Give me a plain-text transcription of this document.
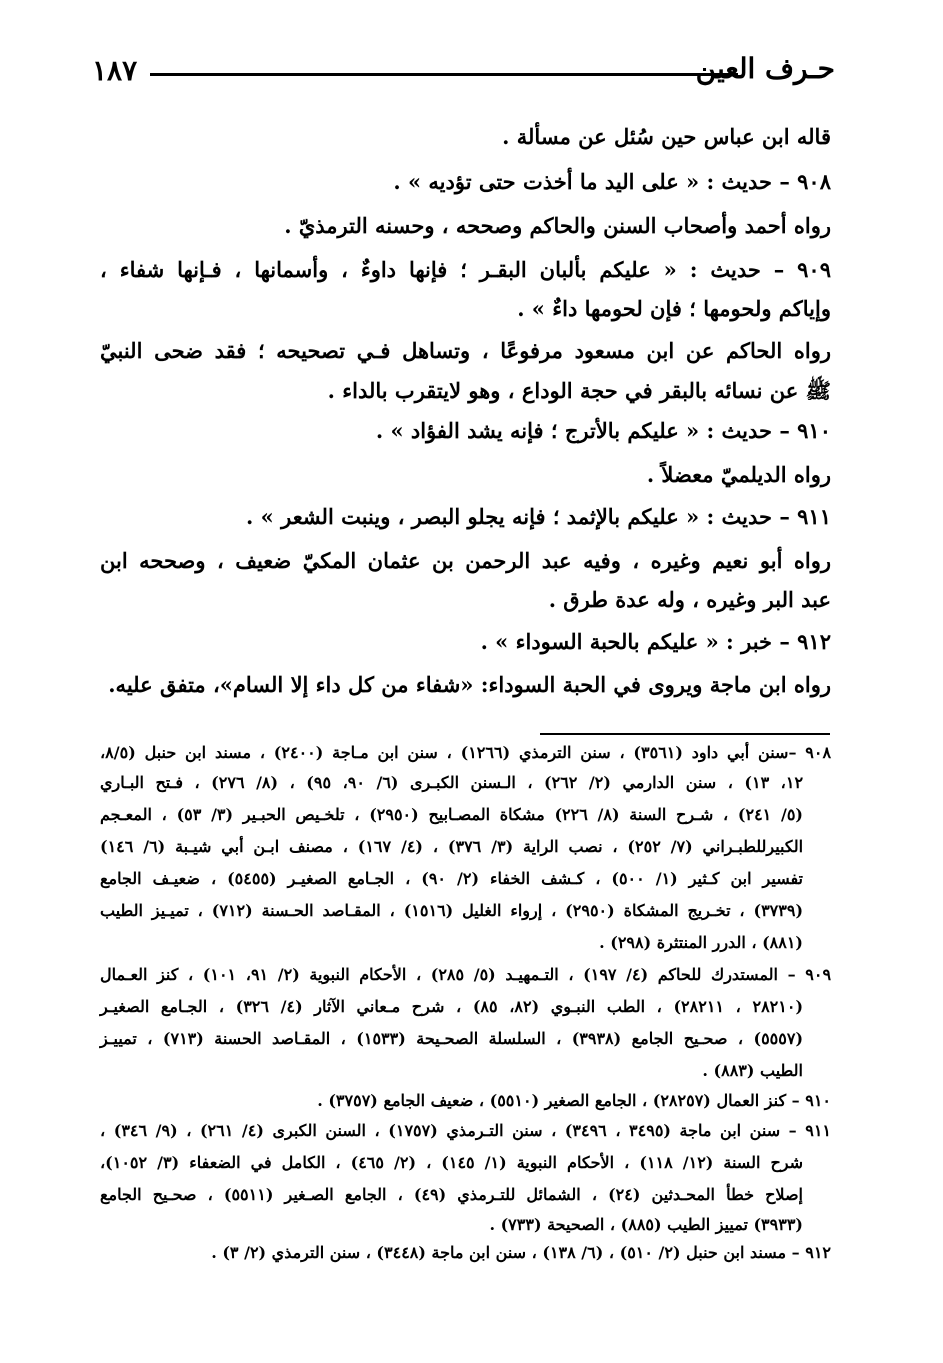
١٨٧	حـرف العين
قاله ابن عباس حين سُئل عن مسألة .
٩٠٨ – حديث : « على اليد ما أخذت حتى تؤديه » .
رواه أحمد وأصحاب السنن والحاكم وصححه ، وحسنه الترمذيّ .
٩٠٩ – حديث : « عليكم بألبان البقـر ؛ فإنها داوءٌ ، وأسمانها ، فـإنها شفاء ،
وإياكم ولحومها ؛ فإن لحومها داءٌ » .
رواه الحاكم عن ابن مسعود مرفوعًا ، وتساهل فـي تصحيحه ؛ فقد ضحى النبيّ
ﷺ عن نسائه بالبقر في حجة الوداع ، وهو لايتقرب بالداء .
٩١٠ – حديث : « عليكم بالأترج ؛ فإنه يشد الفؤاد » .
رواه الديلميّ معضلاً .
٩١١ – حديث : « عليكم بالإثمد ؛ فإنه يجلو البصر ، وينبت الشعر » .
رواه أبو نعيم وغيره ، وفيه عبد الرحمن بن عثمان المكيّ ضعيف ، وصححه ابن
عبد البر وغيره ، وله عدة طرق .
٩١٢ – خبر : « عليكم بالحبة السوداء » .
رواه ابن ماجة ويروى في الحبة السوداء: «شفاء من كل داء إلا السام»، متفق عليه.
٩٠٨ –سنن أبي داود (٣٥٦١) ، سنن الترمذي (١٢٦٦) ، سنن ابن مـاجة (٢٤٠٠) ، مسند ابن حنبل (٨/٥،
١٢، ١٣) ، سنن الدارمي (٢/ ٢٦٢) ، الـسنن الكبـرى (٦/ ٩٠، ٩٥) ، (٨/ ٢٧٦) ، فـتح البـاري
(٥/ ٢٤١) ، شـرح السنة (٨/ ٢٢٦) مشكاة المصـابيح (٢٩٥٠) ، تلخـيص الحبـير (٣/ ٥٣) ، المعـجم
الكبيرللطبـراني (٧/ ٢٥٢) ، نصب الراية (٣/ ٣٧٦) ، (٤/ ١٦٧) ، مصنف ابـن أبي شيـبة (٦/ ١٤٦)
تفسير ابن كـثير (١/ ٥٠٠) ، كـشف الخفاء (٢/ ٩٠) ، الجـامع الصغيـر (٥٤٥٥) ، ضعيـف الجامع
(٣٧٣٩) ، تخـريج المشكاة (٢٩٥٠) ، إرواء الغليل (١٥١٦) ، المقـاصد الحـسنة (٧١٢) ، تميـيز الطيب
(٨٨١) ، الدرر المنتثرة (٢٩٨) .
٩٠٩ – المستدرك للحاكم (٤/ ١٩٧) ، التـمهيـد (٥/ ٢٨٥) ، الأحكام النبوية (٢/ ٩١، ١٠١) ، كنز العـمال
(٢٨٢١٠ ، ٢٨٢١١) ، الطب النبـوي (٨٢، ٨٥) ، شرح مـعاني الآثار (٤/ ٣٢٦) ، الجـامع الصغيـر
(٥٥٥٧) ، صحـيح الجامع (٣٩٣٨) ، السلسلة الصحـيحة (١٥٣٣) ، المقـاصد الحسنة (٧١٣) ، تمييـز
الطيب (٨٨٣) .
٩١٠ – كنز العمال (٢٨٢٥٧) ، الجامع الصغير (٥٥١٠) ، ضعيف الجامع (٣٧٥٧) .
٩١١ – سنن ابن ماجة (٣٤٩٥ ، ٣٤٩٦) ، سنن التـرمذي (١٧٥٧) ، السنن الكبرى (٤/ ٢٦١) ، (٩/ ٣٤٦) ،
شرح السنة (١٢/ ١١٨) ، الأحكام النبوية (١/ ١٤٥) ، (٢/ ٤٦٥) ، الكامل في الضعفاء (٣/ ١٠٥٢)،
إصلاح خطأ المحـدثين (٢٤) ، الشمائل للتـرمذي (٤٩) ، الجامع الصـغير (٥٥١١) ، صحـيح الجامع
(٣٩٣٣) تمييز الطيب (٨٨٥) ، الصحيحة (٧٣٣) .
٩١٢ – مسند ابن حنبل (٢/ ٥١٠) ، (٦/ ١٣٨) ، سنن ابن ماجة (٣٤٤٨) ، سنن الترمذي (٢/ ٣) .
